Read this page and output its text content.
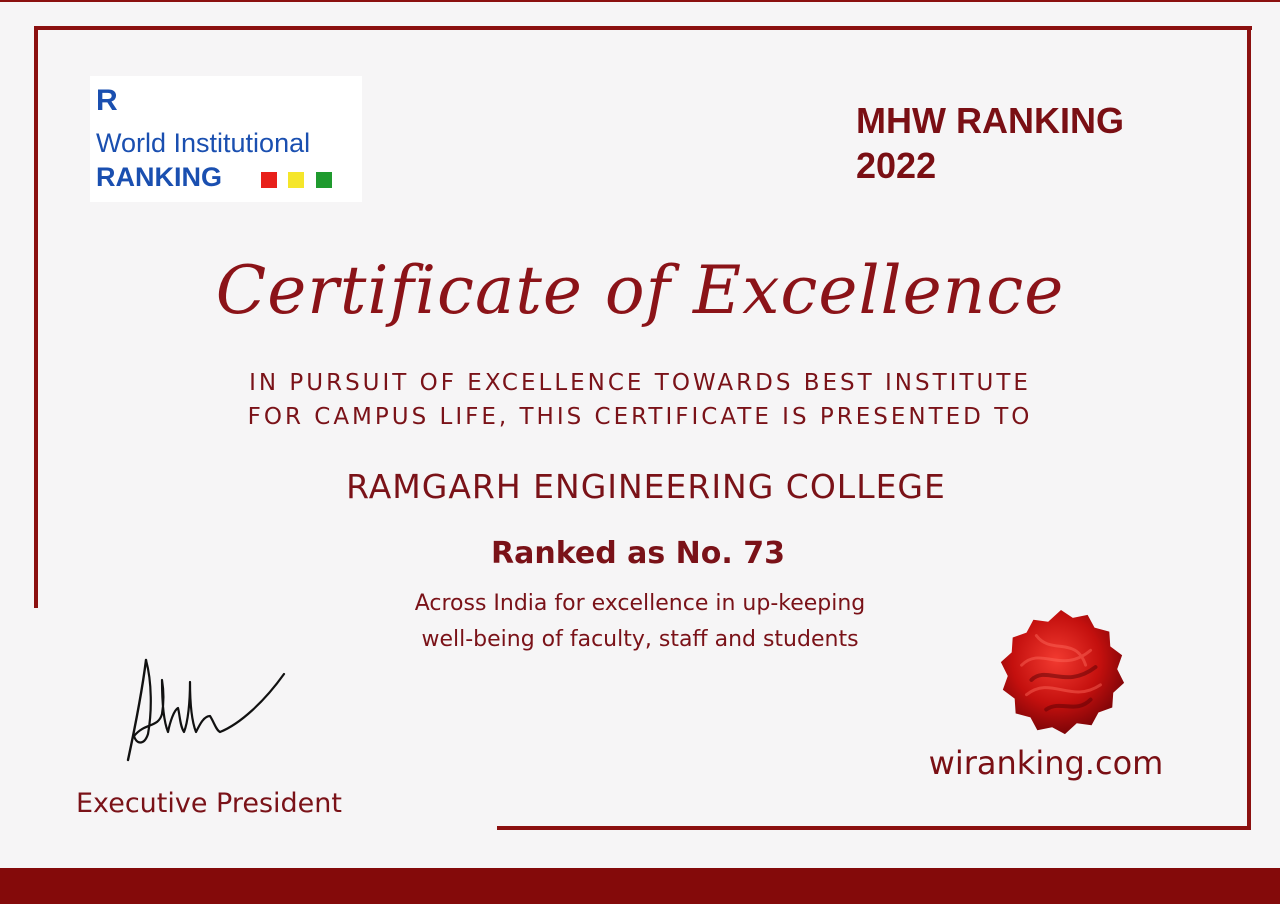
R
World Institutional
RANKING
MHW RANKING
2022
Certificate of Excellence
IN PURSUIT OF EXCELLENCE TOWARDS BEST INSTITUTE
FOR CAMPUS LIFE, THIS CERTIFICATE IS PRESENTED TO
RAMGARH ENGINEERING COLLEGE
Ranked as No. 73
Across India for excellence in up-keeping
well-being of faculty, staff and students
Executive President
wiranking.com
